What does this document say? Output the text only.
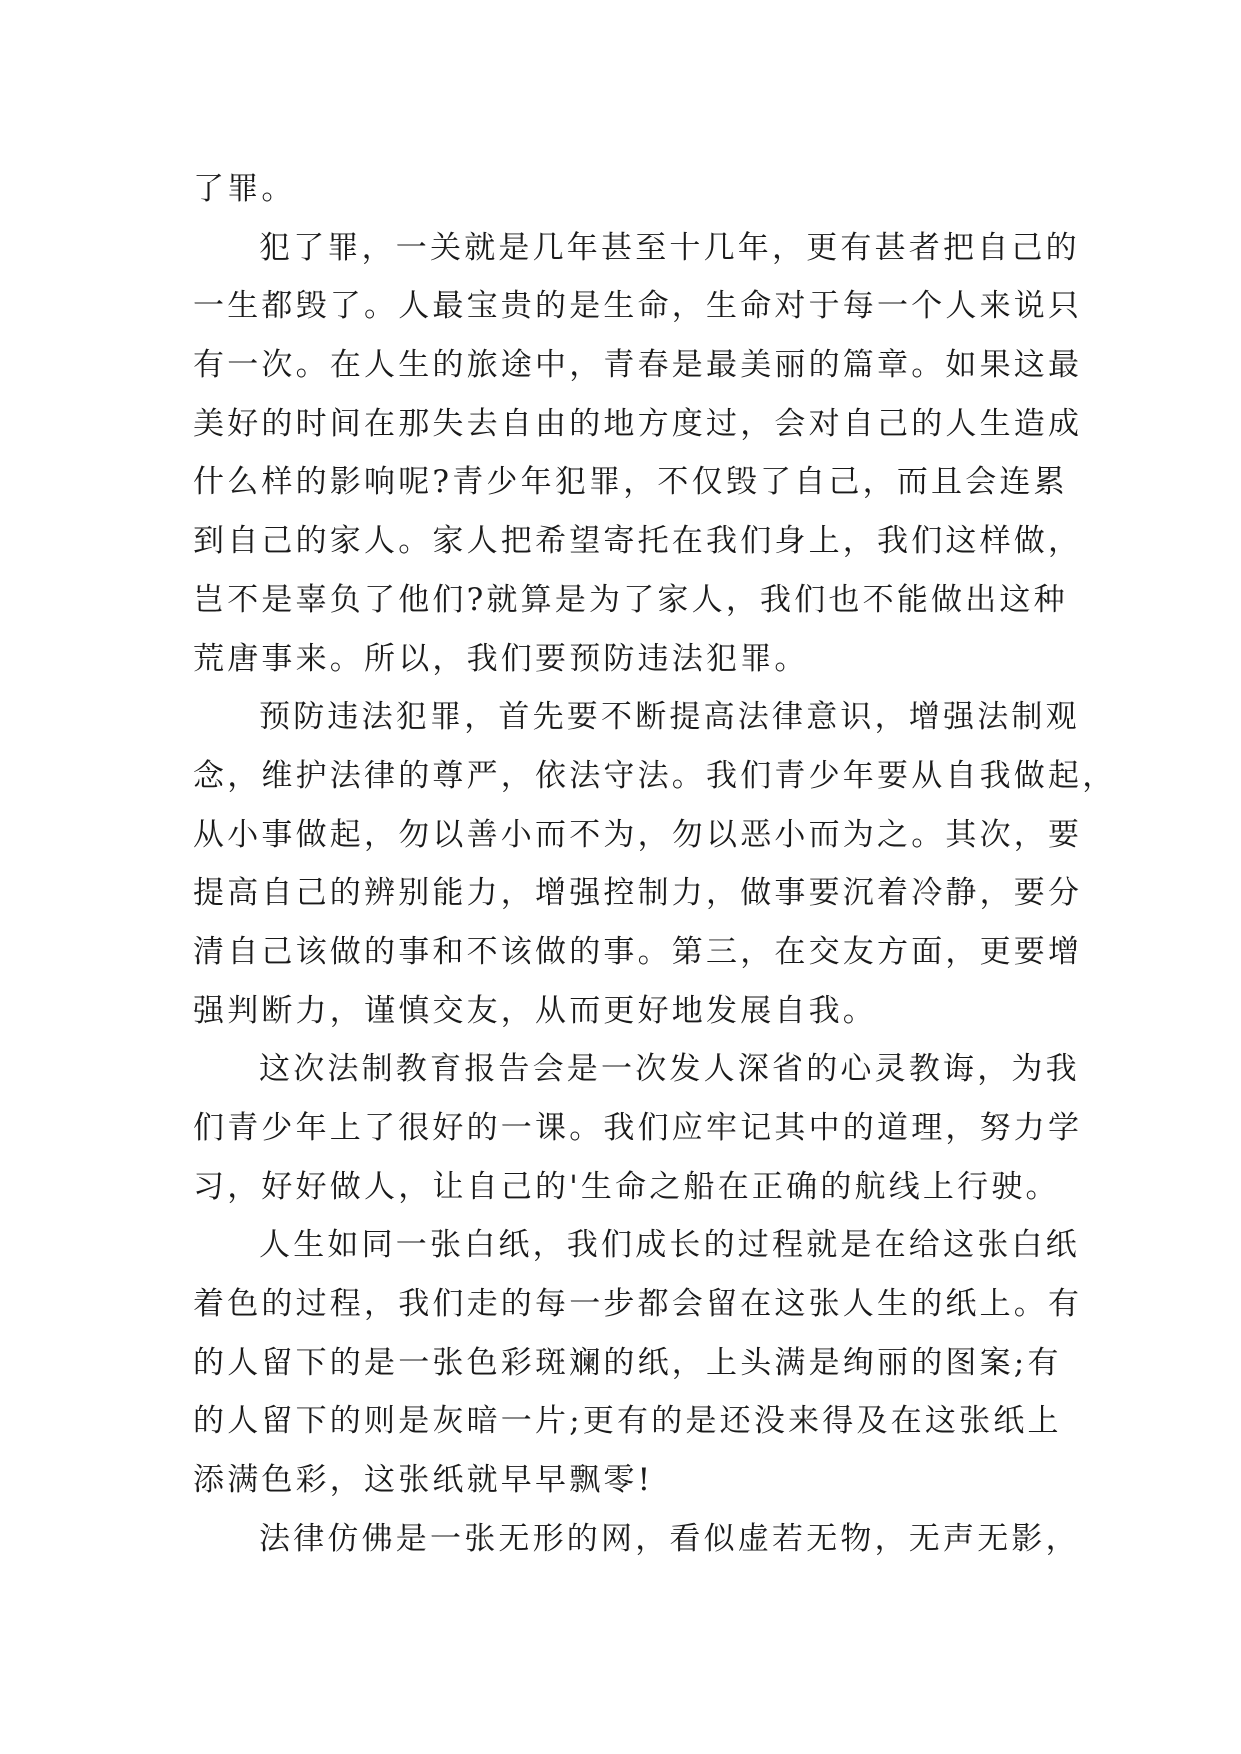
了罪。
犯了罪，一关就是几年甚至十几年，更有甚者把自己的
一生都毁了。人最宝贵的是生命，生命对于每一个人来说只
有一次。在人生的旅途中，青春是最美丽的篇章。如果这最
美好的时间在那失去自由的地方度过，会对自己的人生造成
什么样的影响呢?青少年犯罪，不仅毁了自己，而且会连累
到自己的家人。家人把希望寄托在我们身上，我们这样做，
岂不是辜负了他们?就算是为了家人，我们也不能做出这种
荒唐事来。所以，我们要预防违法犯罪。
预防违法犯罪，首先要不断提高法律意识，增强法制观
念，维护法律的尊严，依法守法。我们青少年要从自我做起，
从小事做起，勿以善小而不为，勿以恶小而为之。其次，要
提高自己的辨别能力，增强控制力，做事要沉着冷静，要分
清自己该做的事和不该做的事。第三，在交友方面，更要增
强判断力，谨慎交友，从而更好地发展自我。
这次法制教育报告会是一次发人深省的心灵教诲，为我
们青少年上了很好的一课。我们应牢记其中的道理，努力学
习，好好做人，让自己的'生命之船在正确的航线上行驶。
人生如同一张白纸，我们成长的过程就是在给这张白纸
着色的过程，我们走的每一步都会留在这张人生的纸上。有
的人留下的是一张色彩斑斓的纸，上头满是绚丽的图案;有
的人留下的则是灰暗一片;更有的是还没来得及在这张纸上
添满色彩，这张纸就早早飘零!
法律仿佛是一张无形的网，看似虚若无物，无声无影，
